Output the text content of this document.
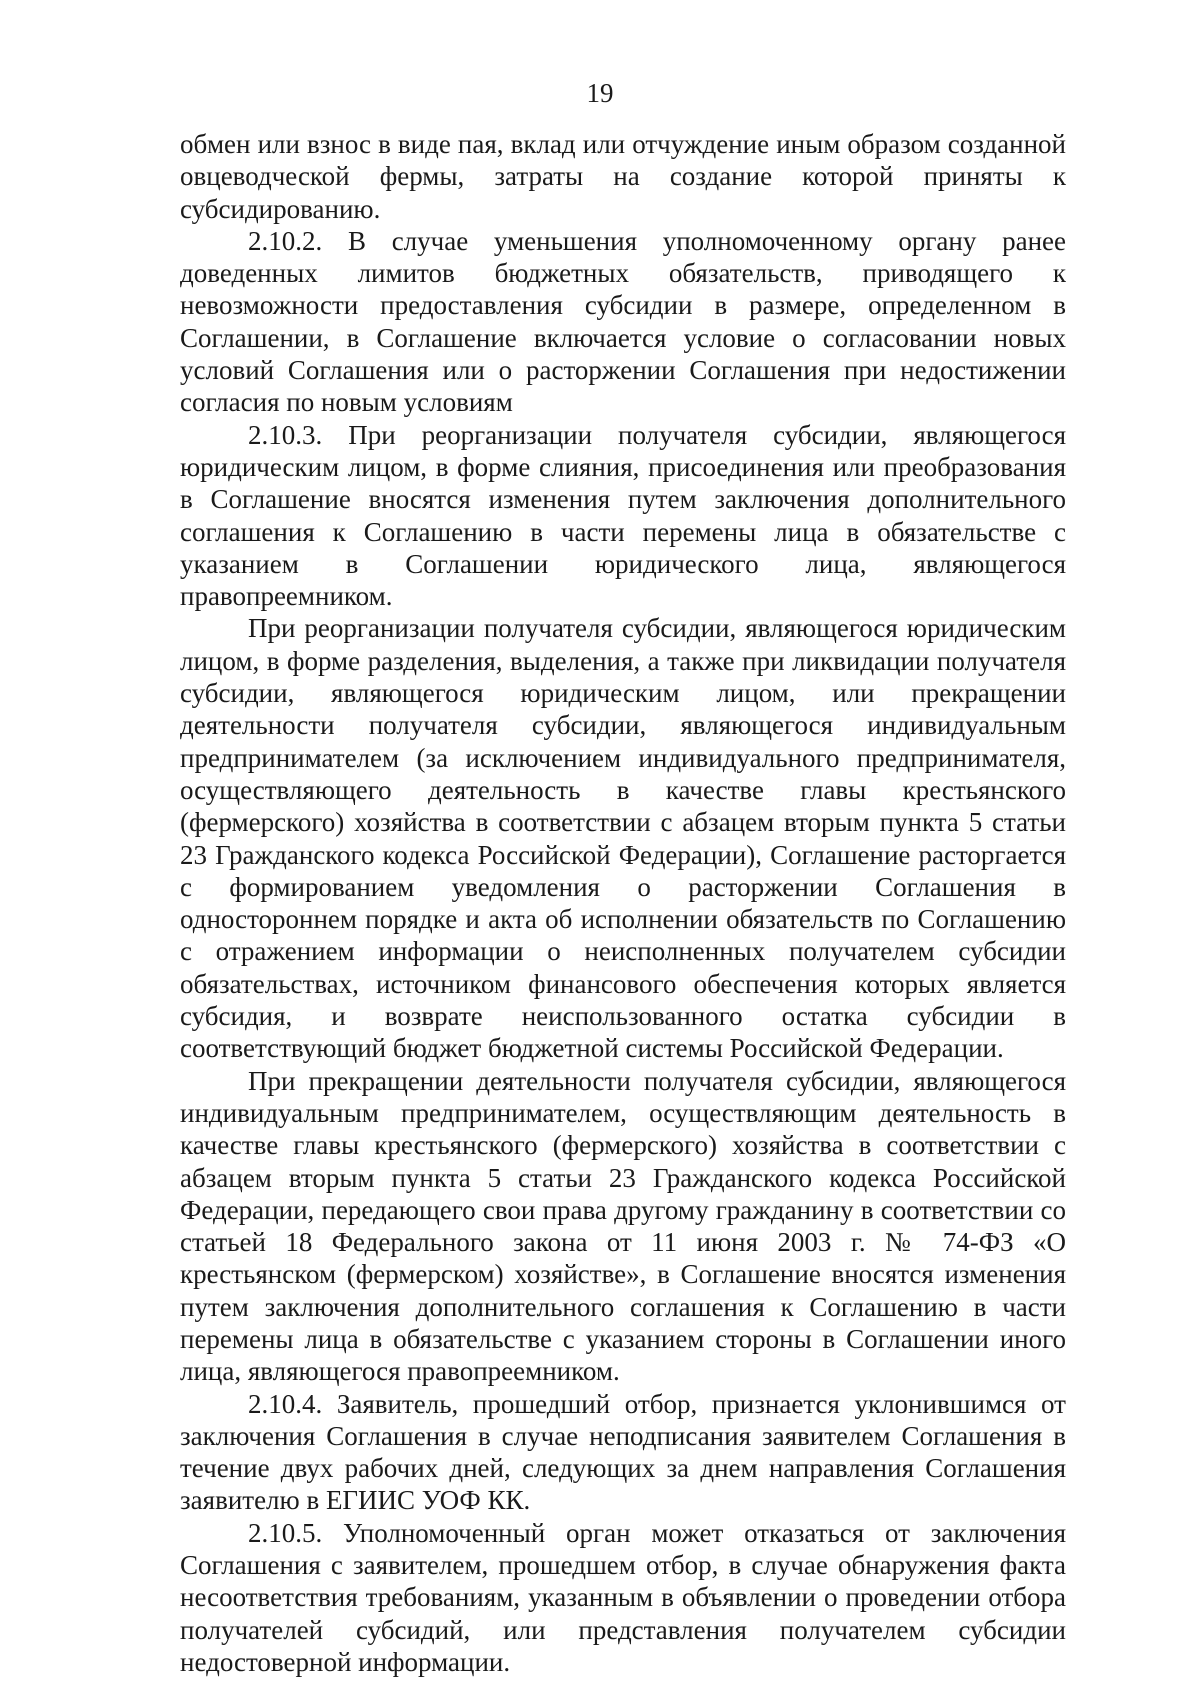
19

обмен или взнос в виде пая, вклад или отчуждение иным образом созданной овцеводческой фермы, затраты на создание которой приняты к субсидированию.

2.10.2. В случае уменьшения уполномоченному органу ранее доведенных лимитов бюджетных обязательств, приводящего к невозможности предоставления субсидии в размере, определенном в Соглашении, в Соглашение включается условие о согласовании новых условий Соглашения или о расторжении Соглашения при недостижении согласия по новым условиям

2.10.3. При реорганизации получателя субсидии, являющегося юридическим лицом, в форме слияния, присоединения или преобразования в Соглашение вносятся изменения путем заключения дополнительного соглашения к Соглашению в части перемены лица в обязательстве с указанием в Соглашении юридического лица, являющегося правопреемником.

При реорганизации получателя субсидии, являющегося юридическим лицом, в форме разделения, выделения, а также при ликвидации получателя субсидии, являющегося юридическим лицом, или прекращении деятельности получателя субсидии, являющегося индивидуальным предпринимателем (за исключением индивидуального предпринимателя, осуществляющего деятельность в качестве главы крестьянского (фермерского) хозяйства в соответствии с абзацем вторым пункта 5 статьи 23 Гражданского кодекса Российской Федерации), Соглашение расторгается с формированием уведомления о расторжении Соглашения в одностороннем порядке и акта об исполнении обязательств по Соглашению с отражением информации о неисполненных получателем субсидии обязательствах, источником финансового обеспечения которых является субсидия, и возврате неиспользованного остатка субсидии в соответствующий бюджет бюджетной системы Российской Федерации.

При прекращении деятельности получателя субсидии, являющегося индивидуальным предпринимателем, осуществляющим деятельность в качестве главы крестьянского (фермерского) хозяйства в соответствии с абзацем вторым пункта 5 статьи 23 Гражданского кодекса Российской Федерации, передающего свои права другому гражданину в соответствии со статьей 18 Федерального закона от 11 июня 2003 г. № 74-ФЗ «О крестьянском (фермерском) хозяйстве», в Соглашение вносятся изменения путем заключения дополнительного соглашения к Соглашению в части перемены лица в обязательстве с указанием стороны в Соглашении иного лица, являющегося правопреемником.

2.10.4. Заявитель, прошедший отбор, признается уклонившимся от заключения Соглашения в случае неподписания заявителем Соглашения в течение двух рабочих дней, следующих за днем направления Соглашения заявителю в ЕГИИС УОФ КК.

2.10.5. Уполномоченный орган может отказаться от заключения Соглашения с заявителем, прошедшем отбор, в случае обнаружения факта несоответствия требованиям, указанным в объявлении о проведении отбора получателей субсидий, или представления получателем субсидии недостоверной информации.
